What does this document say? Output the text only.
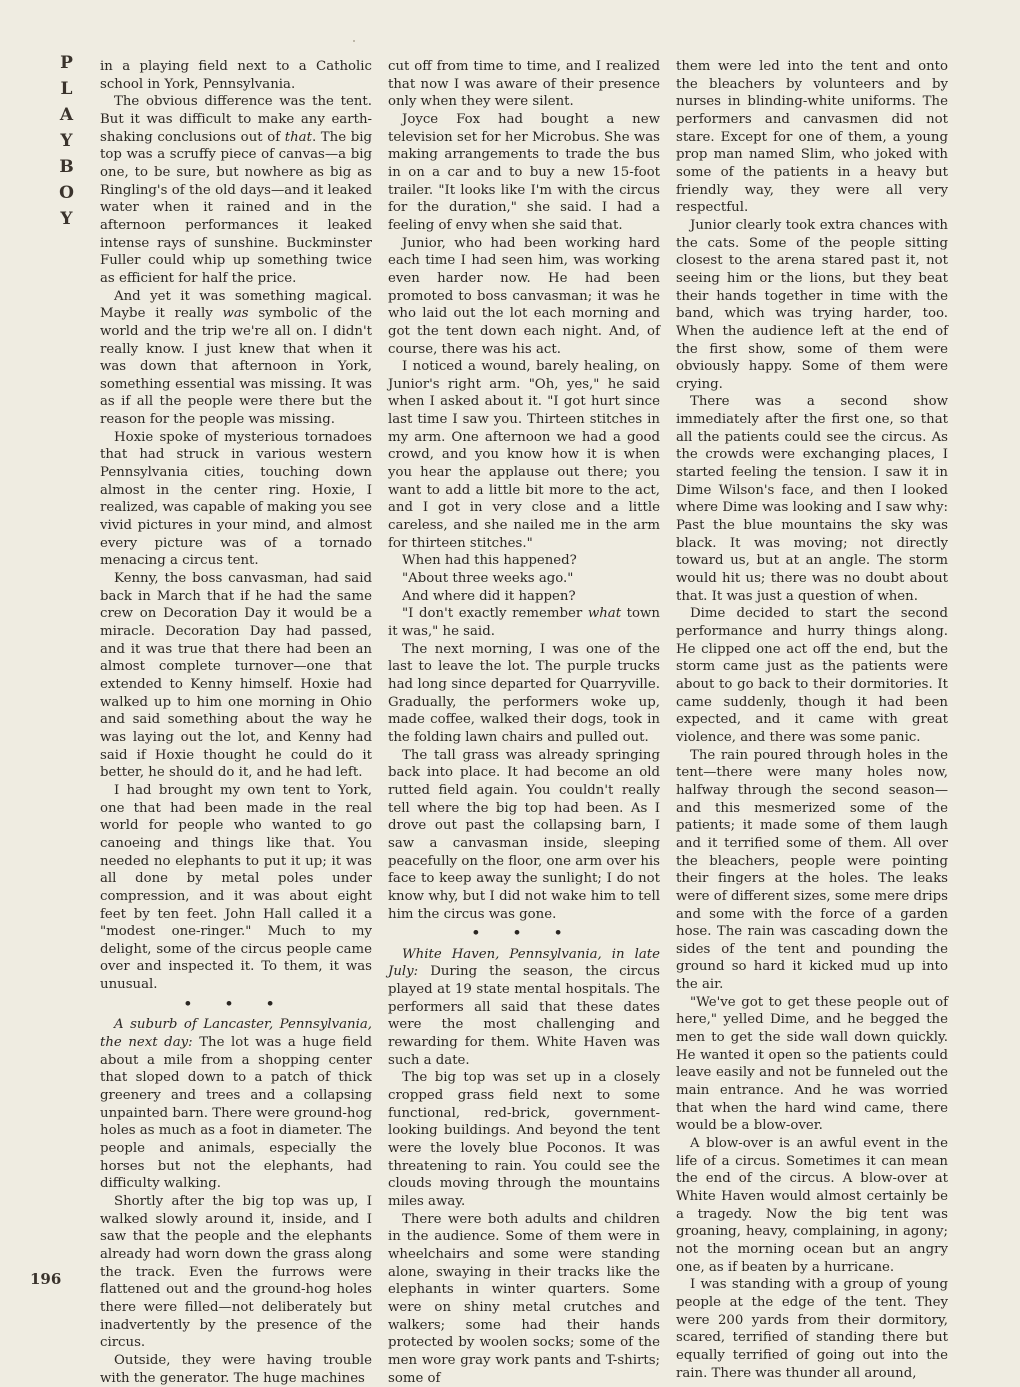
P
L
A
Y
B
O
Y
196

in a playing field next to a Catholic school in York, Pennsylvania.

The obvious difference was the tent. But it was difficult to make any earth-shaking conclusions out of that. The big top was a scruffy piece of canvas—a big one, to be sure, but nowhere as big as Ringling's of the old days—and it leaked water when it rained and in the afternoon performances it leaked intense rays of sunshine. Buckminster Fuller could whip up something twice as efficient for half the price.

And yet it was something magical. Maybe it really was symbolic of the world and the trip we're all on. I didn't really know. I just knew that when it was down that afternoon in York, something essential was missing. It was as if all the people were there but the reason for the people was missing.

Hoxie spoke of mysterious tornadoes that had struck in various western Pennsylvania cities, touching down almost in the center ring. Hoxie, I realized, was capable of making you see vivid pictures in your mind, and almost every picture was of a tornado menacing a circus tent.

Kenny, the boss canvasman, had said back in March that if he had the same crew on Decoration Day it would be a miracle. Decoration Day had passed, and it was true that there had been an almost complete turnover—one that extended to Kenny himself. Hoxie had walked up to him one morning in Ohio and said something about the way he was laying out the lot, and Kenny had said if Hoxie thought he could do it better, he should do it, and he had left.

I had brought my own tent to York, one that had been made in the real world for people who wanted to go canoeing and things like that. You needed no elephants to put it up; it was all done by metal poles under compression, and it was about eight feet by ten feet. John Hall called it a "modest one-ringer." Much to my delight, some of the circus people came over and inspected it. To them, it was unusual.

• • •

A suburb of Lancaster, Pennsylvania, the next day: The lot was a huge field about a mile from a shopping center that sloped down to a patch of thick greenery and trees and a collapsing unpainted barn. There were ground-hog holes as much as a foot in diameter. The people and animals, especially the horses but not the elephants, had difficulty walking.

Shortly after the big top was up, I walked slowly around it, inside, and I saw that the people and the elephants already had worn down the grass along the track. Even the furrows were flattened out and the ground-hog holes there were filled—not deliberately but inadvertently by the presence of the circus.

Outside, they were having trouble with the generator. The huge machines

cut off from time to time, and I realized that now I was aware of their presence only when they were silent.

Joyce Fox had bought a new television set for her Microbus. She was making arrangements to trade the bus in on a car and to buy a new 15-foot trailer. "It looks like I'm with the circus for the duration," she said. I had a feeling of envy when she said that.

Junior, who had been working hard each time I had seen him, was working even harder now. He had been promoted to boss canvasman; it was he who laid out the lot each morning and got the tent down each night. And, of course, there was his act.

I noticed a wound, barely healing, on Junior's right arm. "Oh, yes," he said when I asked about it. "I got hurt since last time I saw you. Thirteen stitches in my arm. One afternoon we had a good crowd, and you know how it is when you hear the applause out there; you want to add a little bit more to the act, and I got in very close and a little careless, and she nailed me in the arm for thirteen stitches."

When had this happened?

"About three weeks ago."

And where did it happen?

"I don't exactly remember what town it was," he said.

The next morning, I was one of the last to leave the lot. The purple trucks had long since departed for Quarryville. Gradually, the performers woke up, made coffee, walked their dogs, took in the folding lawn chairs and pulled out.

The tall grass was already springing back into place. It had become an old rutted field again. You couldn't really tell where the big top had been. As I drove out past the collapsing barn, I saw a canvasman inside, sleeping peacefully on the floor, one arm over his face to keep away the sunlight; I do not know why, but I did not wake him to tell him the circus was gone.

• • •

White Haven, Pennsylvania, in late July: During the season, the circus played at 19 state mental hospitals. The performers all said that these dates were the most challenging and rewarding for them. White Haven was such a date.

The big top was set up in a closely cropped grass field next to some functional, red-brick, government-looking buildings. And beyond the tent were the lovely blue Poconos. It was threatening to rain. You could see the clouds moving through the mountains miles away.

There were both adults and children in the audience. Some of them were in wheelchairs and some were standing alone, swaying in their tracks like the elephants in winter quarters. Some were on shiny metal crutches and walkers; some had their hands protected by woolen socks; some of the men wore gray work pants and T-shirts; some of

them were led into the tent and onto the bleachers by volunteers and by nurses in blinding-white uniforms. The performers and canvasmen did not stare. Except for one of them, a young prop man named Slim, who joked with some of the patients in a heavy but friendly way, they were all very respectful.

Junior clearly took extra chances with the cats. Some of the people sitting closest to the arena stared past it, not seeing him or the lions, but they beat their hands together in time with the band, which was trying harder, too. When the audience left at the end of the first show, some of them were obviously happy. Some of them were crying.

There was a second show immediately after the first one, so that all the patients could see the circus. As the crowds were exchanging places, I started feeling the tension. I saw it in Dime Wilson's face, and then I looked where Dime was looking and I saw why: Past the blue mountains the sky was black. It was moving; not directly toward us, but at an angle. The storm would hit us; there was no doubt about that. It was just a question of when.

Dime decided to start the second performance and hurry things along. He clipped one act off the end, but the storm came just as the patients were about to go back to their dormitories. It came suddenly, though it had been expected, and it came with great violence, and there was some panic.

The rain poured through holes in the tent—there were many holes now, halfway through the second season—and this mesmerized some of the patients; it made some of them laugh and it terrified some of them. All over the bleachers, people were pointing their fingers at the holes. The leaks were of different sizes, some mere drips and some with the force of a garden hose. The rain was cascading down the sides of the tent and pounding the ground so hard it kicked mud up into the air.

"We've got to get these people out of here," yelled Dime, and he begged the men to get the side wall down quickly. He wanted it open so the patients could leave easily and not be funneled out the main entrance. And he was worried that when the hard wind came, there would be a blow-over.

A blow-over is an awful event in the life of a circus. Sometimes it can mean the end of the circus. A blow-over at White Haven would almost certainly be a tragedy. Now the big tent was groaning, heavy, complaining, in agony; not the morning ocean but an angry one, as if beaten by a hurricane.

I was standing with a group of young people at the edge of the tent. They were 200 yards from their dormitory, scared, terrified of standing there but equally terrified of going out into the rain. There was thunder all around,
